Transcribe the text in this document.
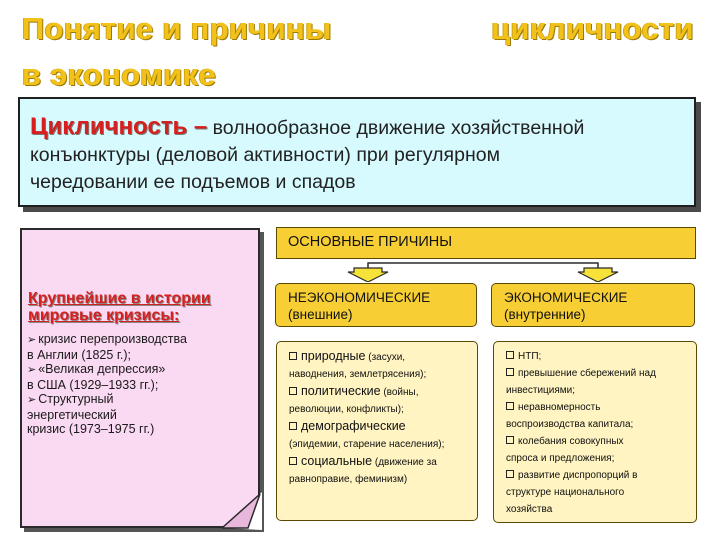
Понятие и причины
в экономике
цикличности
Цикличность – волнообразное движение хозяйственной
конъюнктуры (деловой активности) при регулярном
чередовании ее подъемов и спадов
Крупнейшие в истории
мировые кризисы:
➢ кризис перепроизводства
в Англии (1825 г.);
➢ «Великая депрессия»
в США (1929–1933 гг.);
➢ Структурный
энергетический
кризис (1973–1975 гг.)
ОСНОВНЫЕ ПРИЧИНЫ
НЕЭКОНОМИЧЕСКИЕ
(внешние)
ЭКОНОМИЧЕСКИЕ
(внутренние)
природные (засухи,
наводнения, землетрясения);
политические (войны,
революции, конфликты);
демографические
(эпидемии, старение населения);
социальные (движение за
равноправие, феминизм)
НТП;
превышение сбережений над
инвестициями;
неравномерность
воспроизводства капитала;
колебания совокупных
спроса и предложения;
развитие диспропорций в
структуре национального
хозяйства
